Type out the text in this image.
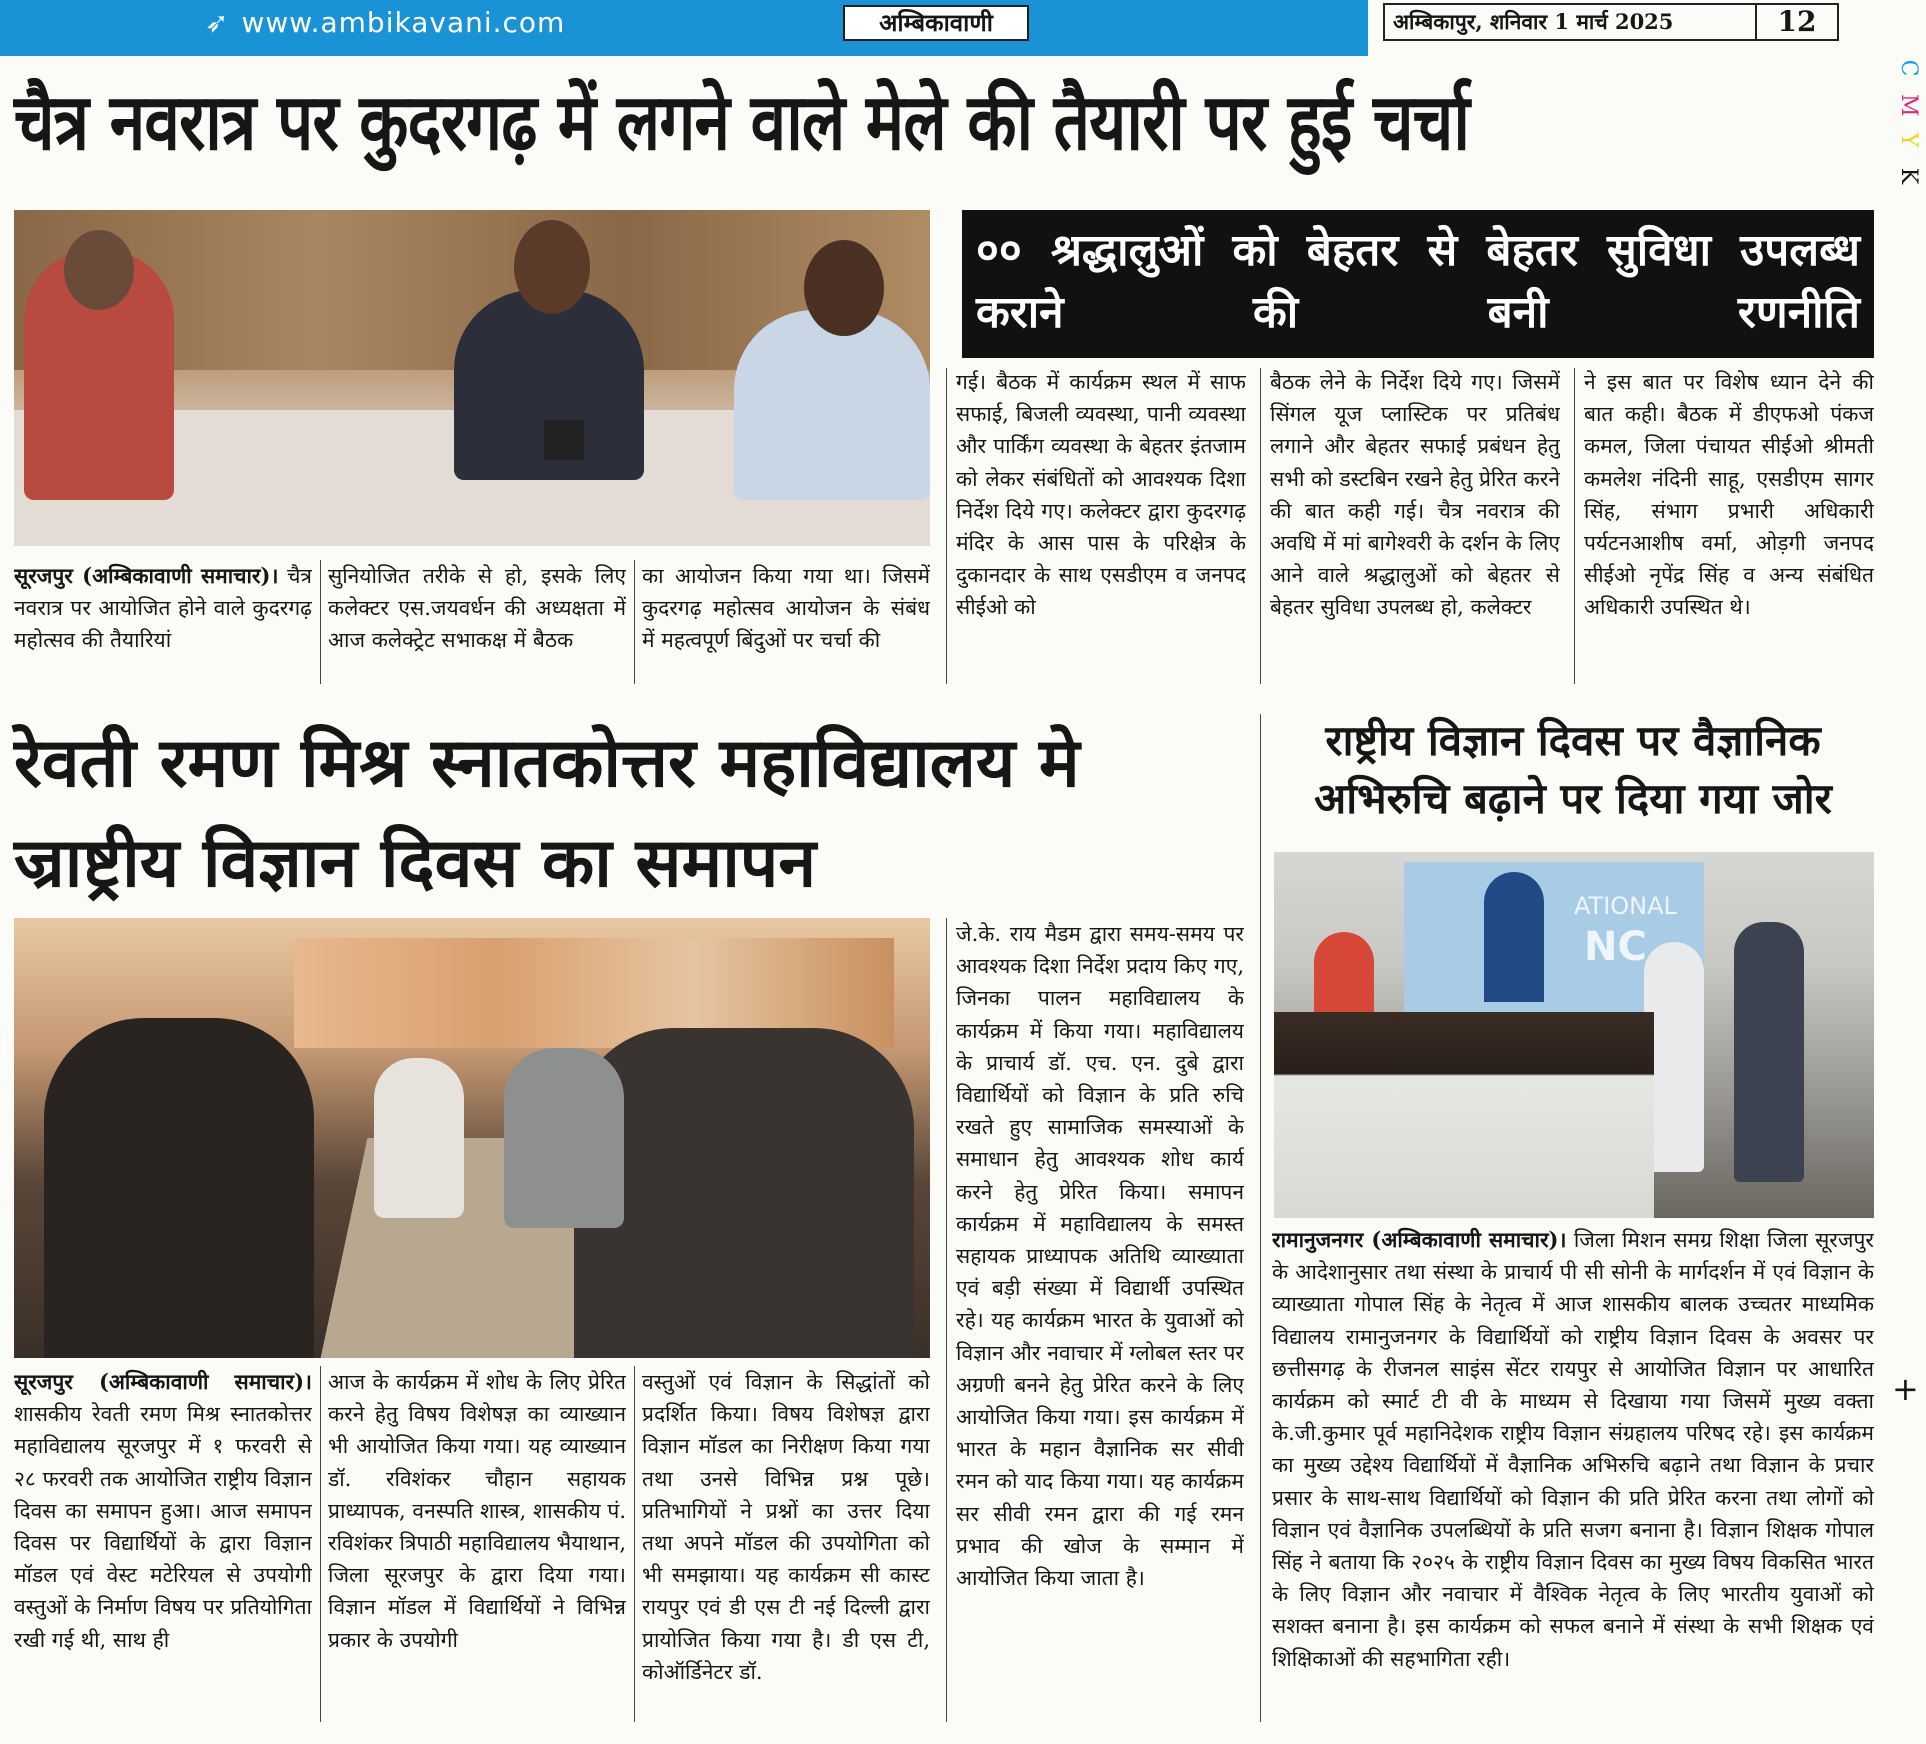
➶ www.ambikavani.com	अम्बिकावाणी	अम्बिकापुर, शनिवार 1 मार्च 2025	12
C
M
Y
K
+
चैत्र नवरात्र पर कुदरगढ़ में लगने वाले मेले की तैयारी पर हुई चर्चा
०० श्रद्धालुओं को बेहतर से बेहतर सुविधा उपलब्ध कराने की बनी रणनीति
सूरजपुर (अम्बिकावाणी समाचार)। चैत्र नवरात्र पर आयोजित होने वाले कुदरगढ़ महोत्सव की तैयारियां
सुनियोजित तरीके से हो, इसके लिए कलेक्टर एस.जयवर्धन की अध्यक्षता में आज कलेक्ट्रेट सभाकक्ष में बैठक
का आयोजन किया गया था। जिसमें कुदरगढ़ महोत्सव आयोजन के संबंध में महत्वपूर्ण बिंदुओं पर चर्चा की
गई। बैठक में कार्यक्रम स्थल में साफ सफाई, बिजली व्यवस्था, पानी व्यवस्था और पार्किंग व्यवस्था के बेहतर इंतजाम को लेकर संबंधितों को आवश्यक दिशा निर्देश दिये गए। कलेक्टर द्वारा कुदरगढ़ मंदिर के आस पास के परिक्षेत्र के दुकानदार के साथ एसडीएम व जनपद सीईओ को
बैठक लेने के निर्देश दिये गए। जिसमें सिंगल यूज प्लास्टिक पर प्रतिबंध लगाने और बेहतर सफाई प्रबंधन हेतु सभी को डस्टबिन रखने हेतु प्रेरित करने की बात कही गई। चैत्र नवरात्र की अवधि में मां बागेश्वरी के दर्शन के लिए आने वाले श्रद्धालुओं को बेहतर से बेहतर सुविधा उपलब्ध हो, कलेक्टर
ने इस बात पर विशेष ध्यान देने की बात कही। बैठक में डीएफओ पंकज कमल, जिला पंचायत सीईओ श्रीमती कमलेश नंदिनी साहू, एसडीएम सागर सिंह, संभाग प्रभारी अधिकारी पर्यटनआशीष वर्मा, ओड़गी जनपद सीईओ नृपेंद्र सिंह व अन्य संबंधित अधिकारी उपस्थित थे।
रेवती रमण मिश्र स्नातकोत्तर महाविद्यालय मे ज्राष्ट्रीय विज्ञान दिवस का समापन
सूरजपुर (अम्बिकावाणी समाचार)। शासकीय रेवती रमण मिश्र स्नातकोत्तर महाविद्यालय सूरजपुर में १ फरवरी से २८ फरवरी तक आयोजित राष्ट्रीय विज्ञान दिवस का समापन हुआ। आज समापन दिवस पर विद्यार्थियों के द्वारा विज्ञान मॉडल एवं वेस्ट मटेरियल से उपयोगी वस्तुओं के निर्माण विषय पर प्रतियोगिता रखी गई थी, साथ ही
आज के कार्यक्रम में शोध के लिए प्रेरित करने हेतु विषय विशेषज्ञ का व्याख्यान भी आयोजित किया गया। यह व्याख्यान डॉ. रविशंकर चौहान सहायक प्राध्यापक, वनस्पति शास्त्र, शासकीय पं. रविशंकर त्रिपाठी महाविद्यालय भैयाथान, जिला सूरजपुर के द्वारा दिया गया। विज्ञान मॉडल में विद्यार्थियों ने विभिन्न प्रकार के उपयोगी
वस्तुओं एवं विज्ञान के सिद्धांतों को प्रदर्शित किया। विषय विशेषज्ञ द्वारा विज्ञान मॉडल का निरीक्षण किया गया तथा उनसे विभिन्न प्रश्न पूछे। प्रतिभागियों ने प्रश्नों का उत्तर दिया तथा अपने मॉडल की उपयोगिता को भी समझाया। यह कार्यक्रम सी कास्ट रायपुर एवं डी एस टी नई दिल्ली द्वारा प्रायोजित किया गया है। डी एस टी, कोऑर्डिनेटर डॉ.
जे.के. राय मैडम द्वारा समय-समय पर आवश्यक दिशा निर्देश प्रदाय किए गए, जिनका पालन महाविद्यालय के कार्यक्रम में किया गया। महाविद्यालय के प्राचार्य डॉ. एच. एन. दुबे द्वारा विद्यार्थियों को विज्ञान के प्रति रुचि रखते हुए सामाजिक समस्याओं के समाधान हेतु आवश्यक शोध कार्य करने हेतु प्रेरित किया। समापन कार्यक्रम में महाविद्यालय के समस्त सहायक प्राध्यापक अतिथि व्याख्याता एवं बड़ी संख्या में विद्यार्थी उपस्थित रहे। यह कार्यक्रम भारत के युवाओं को विज्ञान और नवाचार में ग्लोबल स्तर पर अग्रणी बनने हेतु प्रेरित करने के लिए आयोजित किया गया। इस कार्यक्रम में भारत के महान वैज्ञानिक सर सीवी रमन को याद किया गया। यह कार्यक्रम सर सीवी रमन द्वारा की गई रमन प्रभाव की खोज के सम्मान में आयोजित किया जाता है।
राष्ट्रीय विज्ञान दिवस पर वैज्ञानिक अभिरुचि बढ़ाने पर दिया गया जोर
ATIONAL
NC
रामानुजनगर (अम्बिकावाणी समाचार)। जिला मिशन समग्र शिक्षा जिला सूरजपुर के आदेशानुसार तथा संस्था के प्राचार्य पी सी सोनी के मार्गदर्शन में एवं विज्ञान के व्याख्याता गोपाल सिंह के नेतृत्व में आज शासकीय बालक उच्चतर माध्यमिक विद्यालय रामानुजनगर के विद्यार्थियों को राष्ट्रीय विज्ञान दिवस के अवसर पर छत्तीसगढ़ के रीजनल साइंस सेंटर रायपुर से आयोजित विज्ञान पर आधारित कार्यक्रम को स्मार्ट टी वी के माध्यम से दिखाया गया जिसमें मुख्य वक्ता के.जी.कुमार पूर्व महानिदेशक राष्ट्रीय विज्ञान संग्रहालय परिषद रहे। इस कार्यक्रम का मुख्य उद्देश्य विद्यार्थियों में वैज्ञानिक अभिरुचि बढ़ाने तथा विज्ञान के प्रचार प्रसार के साथ-साथ विद्यार्थियों को विज्ञान की प्रति प्रेरित करना तथा लोगों को विज्ञान एवं वैज्ञानिक उपलब्धियों के प्रति सजग बनाना है। विज्ञान शिक्षक गोपाल सिंह ने बताया कि २०२५ के राष्ट्रीय विज्ञान दिवस का मुख्य विषय विकसित भारत के लिए विज्ञान और नवाचार में वैश्विक नेतृत्व के लिए भारतीय युवाओं को सशक्त बनाना है। इस कार्यक्रम को सफल बनाने में संस्था के सभी शिक्षक एवं शिक्षिकाओं की सहभागिता रही।
